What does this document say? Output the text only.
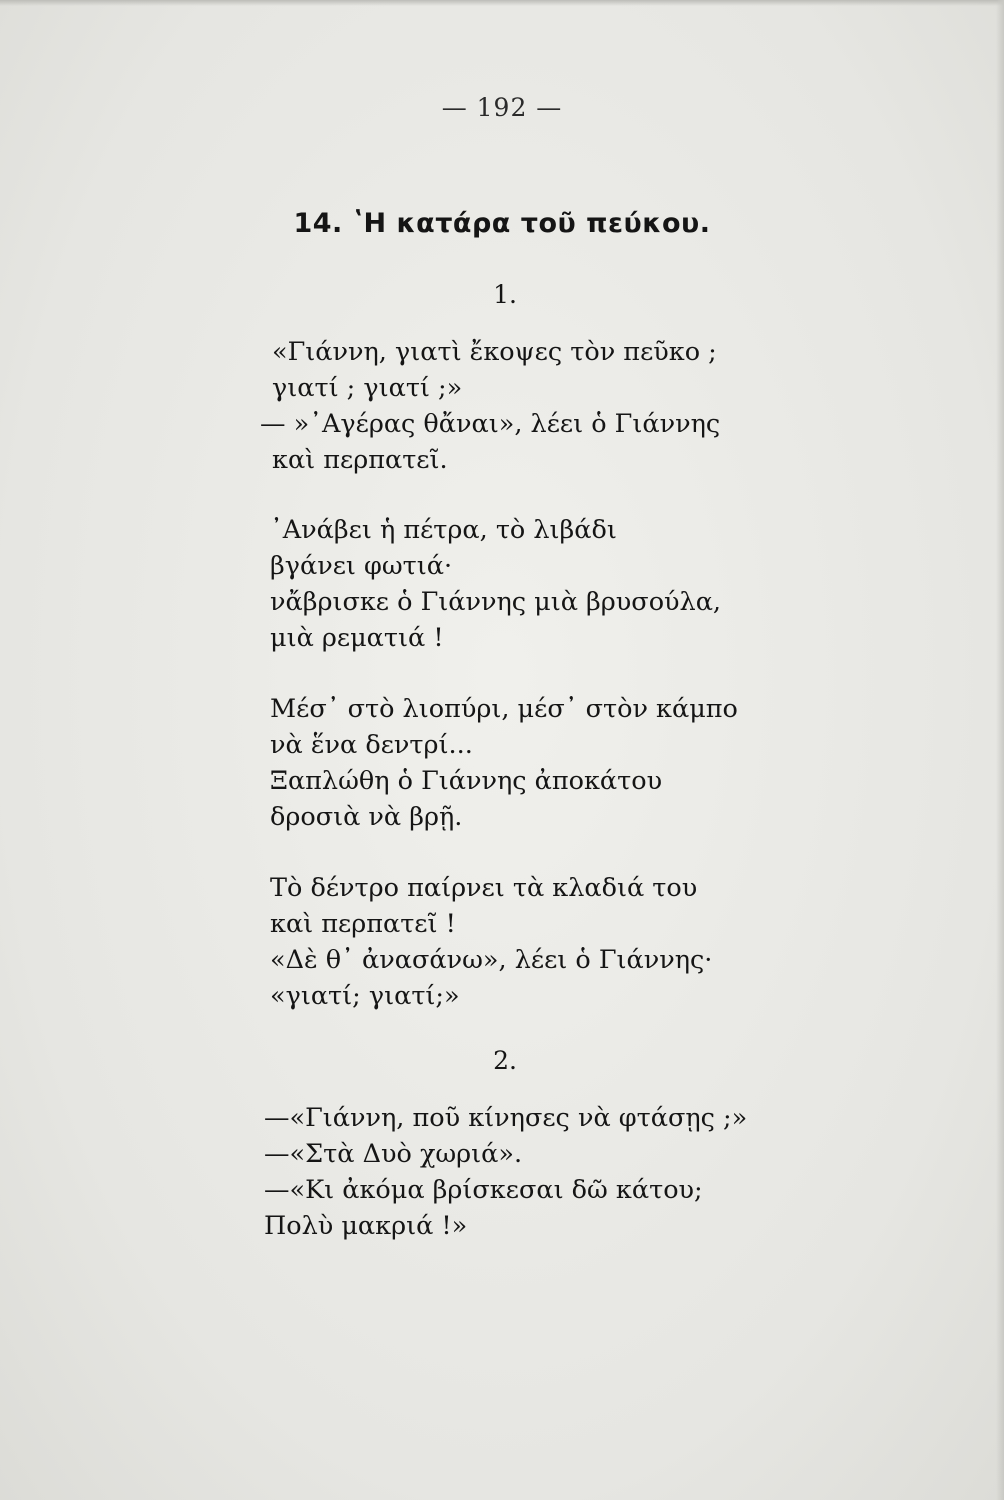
— 192 —
14. ʽΗ κατάρα τοῦ πεύκου.
1.
«Γιάννη, γιατὶ ἔκοψες τὸν πεῦκο ;
γιατί ; γιατί ;»
— »᾿Αγέρας θἄναι», λέει ὁ Γιάννης
καὶ περπατεῖ.
᾿Ανάβει ἡ πέτρα, τὸ λιβάδι
βγάνει φωτιά·
νἄβρισκε ὁ Γιάννης μιὰ βρυσούλα,
μιὰ ρεματιά !
Μέσ᾿ στὸ λιοπύρι, μέσ᾿ στὸν κάμπο
νὰ ἕνα δεντρί...
Ξαπλώθη ὁ Γιάννης ἀποκάτου
δροσιὰ νὰ βρῇ.
Τὸ δέντρο παίρνει τὰ κλαδιά του
καὶ περπατεῖ !
«Δὲ θ᾿ ἀνασάνω», λέει ὁ Γιάννης·
«γιατί; γιατί;»
2.
—«Γιάννη, ποῦ κίνησες νὰ φτάσῃς ;»
—«Στὰ Δυὸ χωριά».
—«Κι ἀκόμα βρίσκεσαι δῶ κάτου;
Πολὺ μακριά !»
